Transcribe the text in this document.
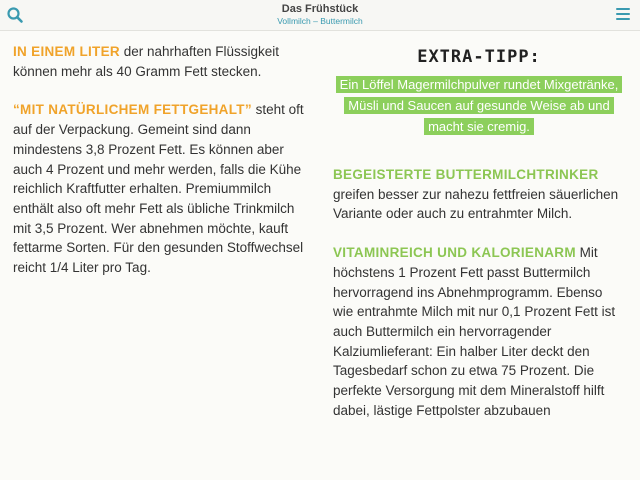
Das Frühstück
Vollmilch – Buttermilch

IN EINEM LITER der nahrhaften Flüssigkeit können mehr als 40 Gramm Fett stecken.

“MIT NATÜRLICHEM FETTGEHALT” steht oft auf der Verpackung. Gemeint sind dann mindestens 3,8 Prozent Fett. Es können aber auch 4 Prozent und mehr werden, falls die Kühe reichlich Kraftfutter erhalten. Premiummilch enthält also oft mehr Fett als übliche Trinkmilch mit 3,5 Prozent. Wer abnehmen möchte, kauft fettarme Sorten. Für den gesunden Stoffwechsel reicht 1/4 Liter pro Tag.

EXTRA-TIPP:
Ein Löffel Magermilchpulver rundet Mixgetränke, Müsli und Saucen auf gesunde Weise ab und macht sie cremig.

BEGEISTERTE BUTTERMILCHTRINKER
greifen besser zur nahezu fettfreien säuerlichen Variante oder auch zu entrahmter Milch.

VITAMINREICH UND KALORIENARM Mit höchstens 1 Prozent Fett passt Buttermilch hervorragend ins Abnehmprogramm. Ebenso wie entrahmte Milch mit nur 0,1 Prozent Fett ist auch Buttermilch ein hervorragender Kalziumlieferant: Ein halber Liter deckt den Tagesbedarf schon zu etwa 75 Prozent. Die perfekte Versorgung mit dem Mineralstoff hilft dabei, lästige Fettpolster abzubauen
